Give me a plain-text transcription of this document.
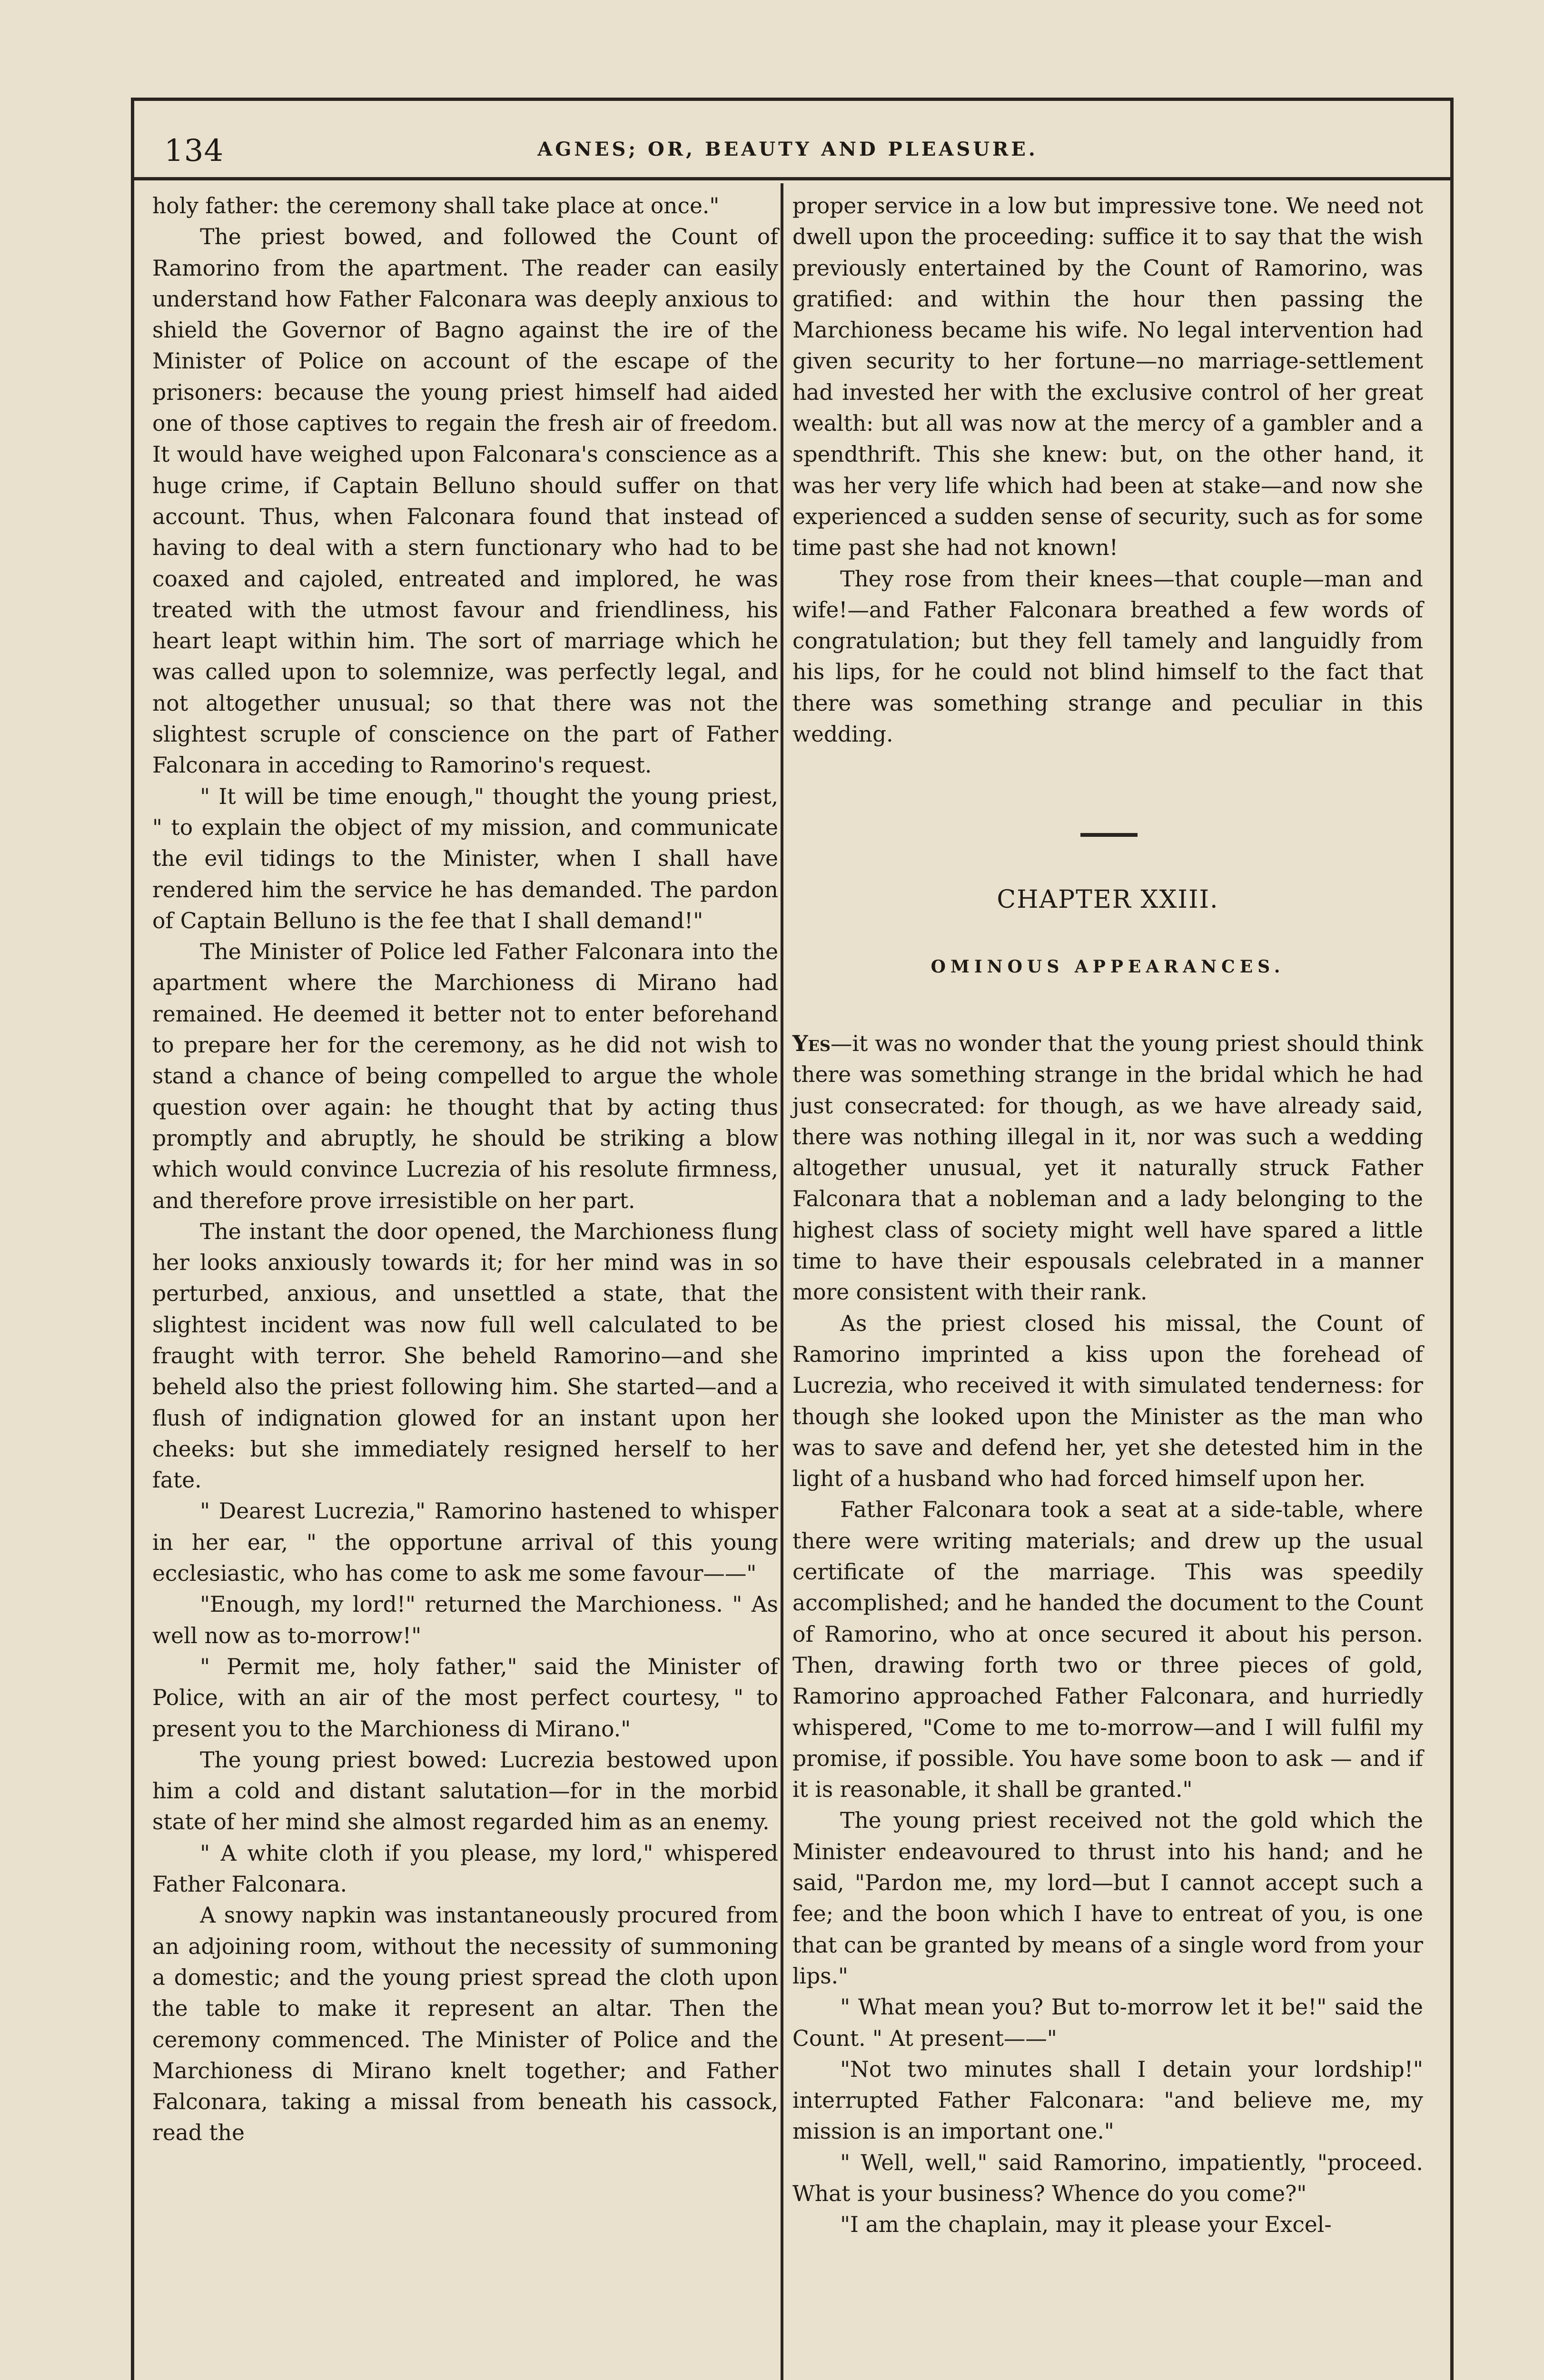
134	AGNES; OR, BEAUTY AND PLEASURE.

holy father: the ceremony shall take place at once."

The priest bowed, and followed the Count of Ramorino from the apartment. The reader can easily understand how Father Falconara was deeply anxious to shield the Governor of Bagno against the ire of the Minister of Police on account of the escape of the prisoners: because the young priest himself had aided one of those captives to regain the fresh air of freedom. It would have weighed upon Falconara's conscience as a huge crime, if Captain Belluno should suffer on that account. Thus, when Falconara found that instead of having to deal with a stern functionary who had to be coaxed and cajoled, entreated and implored, he was treated with the utmost favour and friendliness, his heart leapt within him. The sort of marriage which he was called upon to solemnize, was perfectly legal, and not altogether unusual; so that there was not the slightest scruple of conscience on the part of Father Falconara in acceding to Ramorino's request.

" It will be time enough," thought the young priest, " to explain the object of my mission, and communicate the evil tidings to the Minister, when I shall have rendered him the service he has demanded. The pardon of Captain Belluno is the fee that I shall demand!"

The Minister of Police led Father Falconara into the apartment where the Marchioness di Mirano had remained. He deemed it better not to enter beforehand to prepare her for the ceremony, as he did not wish to stand a chance of being compelled to argue the whole question over again: he thought that by acting thus promptly and abruptly, he should be striking a blow which would convince Lucrezia of his resolute firmness, and therefore prove irresistible on her part.

The instant the door opened, the Marchioness flung her looks anxiously towards it; for her mind was in so perturbed, anxious, and unsettled a state, that the slightest incident was now full well calculated to be fraught with terror. She beheld Ramorino—and she beheld also the priest following him. She started—and a flush of indignation glowed for an instant upon her cheeks: but she immediately resigned herself to her fate.

" Dearest Lucrezia," Ramorino hastened to whisper in her ear, " the opportune arrival of this young ecclesiastic, who has come to ask me some favour——"

"Enough, my lord!" returned the Marchioness. " As well now as to-morrow!"

" Permit me, holy father," said the Minister of Police, with an air of the most perfect courtesy, " to present you to the Marchioness di Mirano."

The young priest bowed: Lucrezia bestowed upon him a cold and distant salutation—for in the morbid state of her mind she almost regarded him as an enemy.

" A white cloth if you please, my lord," whispered Father Falconara.

A snowy napkin was instantaneously procured from an adjoining room, without the necessity of summoning a domestic; and the young priest spread the cloth upon the table to make it represent an altar. Then the ceremony commenced. The Minister of Police and the Marchioness di Mirano knelt together; and Father Falconara, taking a missal from beneath his cassock, read the

proper service in a low but impressive tone. We need not dwell upon the proceeding: suffice it to say that the wish previously entertained by the Count of Ramorino, was gratified: and within the hour then passing the Marchioness became his wife. No legal intervention had given security to her fortune—no marriage-settlement had invested her with the exclusive control of her great wealth: but all was now at the mercy of a gambler and a spendthrift. This she knew: but, on the other hand, it was her very life which had been at stake—and now she experienced a sudden sense of security, such as for some time past she had not known!

They rose from their knees—that couple—man and wife!—and Father Falconara breathed a few words of congratulation; but they fell tamely and languidly from his lips, for he could not blind himself to the fact that there was something strange and peculiar in this wedding.

CHAPTER XXIII.
OMINOUS APPEARANCES.

Yes—it was no wonder that the young priest should think there was something strange in the bridal which he had just consecrated: for though, as we have already said, there was nothing illegal in it, nor was such a wedding altogether unusual, yet it naturally struck Father Falconara that a nobleman and a lady belonging to the highest class of society might well have spared a little time to have their espousals celebrated in a manner more consistent with their rank.

As the priest closed his missal, the Count of Ramorino imprinted a kiss upon the forehead of Lucrezia, who received it with simulated tenderness: for though she looked upon the Minister as the man who was to save and defend her, yet she detested him in the light of a husband who had forced himself upon her.

Father Falconara took a seat at a side-table, where there were writing materials; and drew up the usual certificate of the marriage. This was speedily accomplished; and he handed the document to the Count of Ramorino, who at once secured it about his person. Then, drawing forth two or three pieces of gold, Ramorino approached Father Falconara, and hurriedly whispered, "Come to me to-morrow—and I will fulfil my promise, if possible. You have some boon to ask — and if it is reasonable, it shall be granted."

The young priest received not the gold which the Minister endeavoured to thrust into his hand; and he said, "Pardon me, my lord—but I cannot accept such a fee; and the boon which I have to entreat of you, is one that can be granted by means of a single word from your lips."

" What mean you? But to-morrow let it be!" said the Count. " At present——"

"Not two minutes shall I detain your lordship!" interrupted Father Falconara: "and believe me, my mission is an important one."

" Well, well," said Ramorino, impatiently, "proceed. What is your business? Whence do you come?"

"I am the chaplain, may it please your Excel-
